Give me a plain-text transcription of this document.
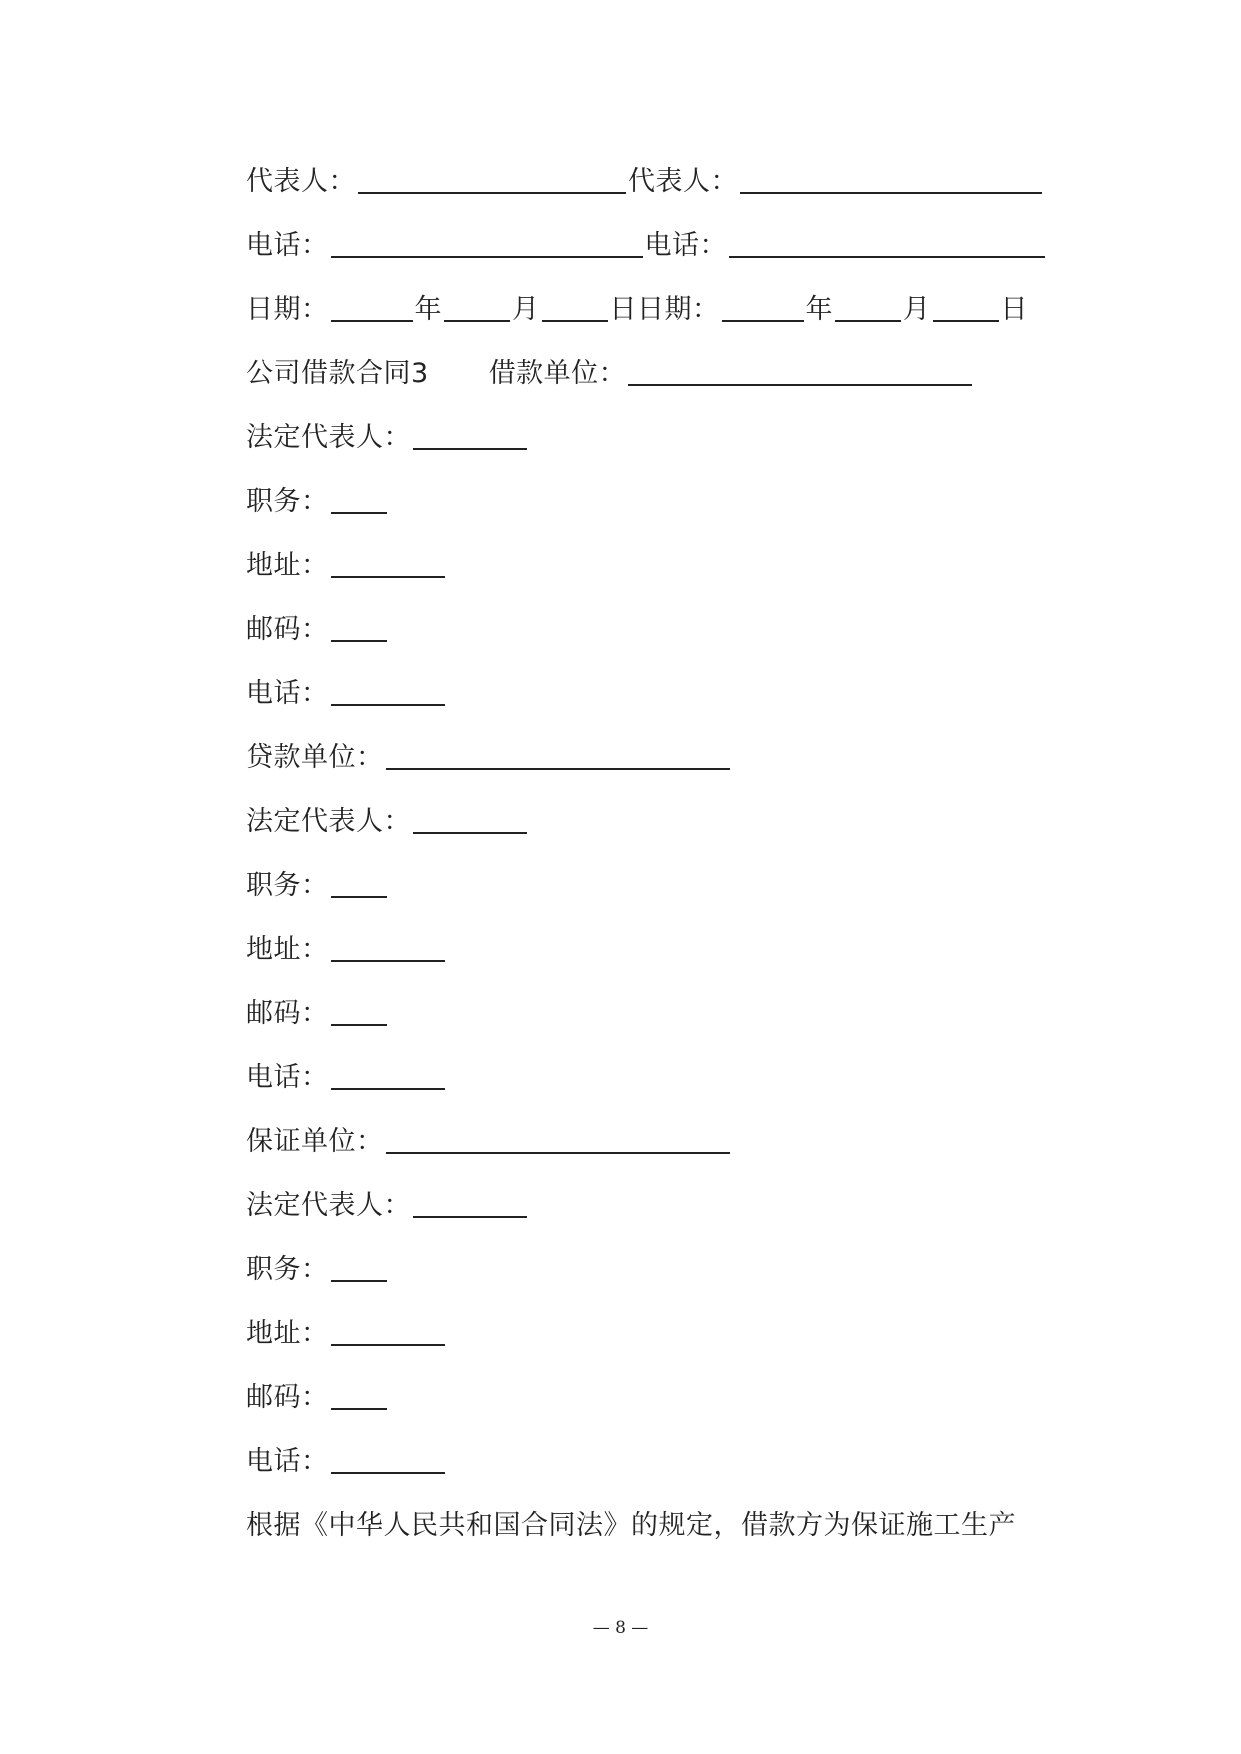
代表人：	代表人：
电话：	电话：
日期：	年	月	日日期：	年	月	日
公司借款合同3 借款单位：
法定代表人：
职务：
地址：
邮码：
电话：
贷款单位：
法定代表人：
职务：
地址：
邮码：
电话：
保证单位：
法定代表人：
职务：
地址：
邮码：
电话：
根据《中华人民共和国合同法》的规定，借款方为保证施工生产
— 8 —
